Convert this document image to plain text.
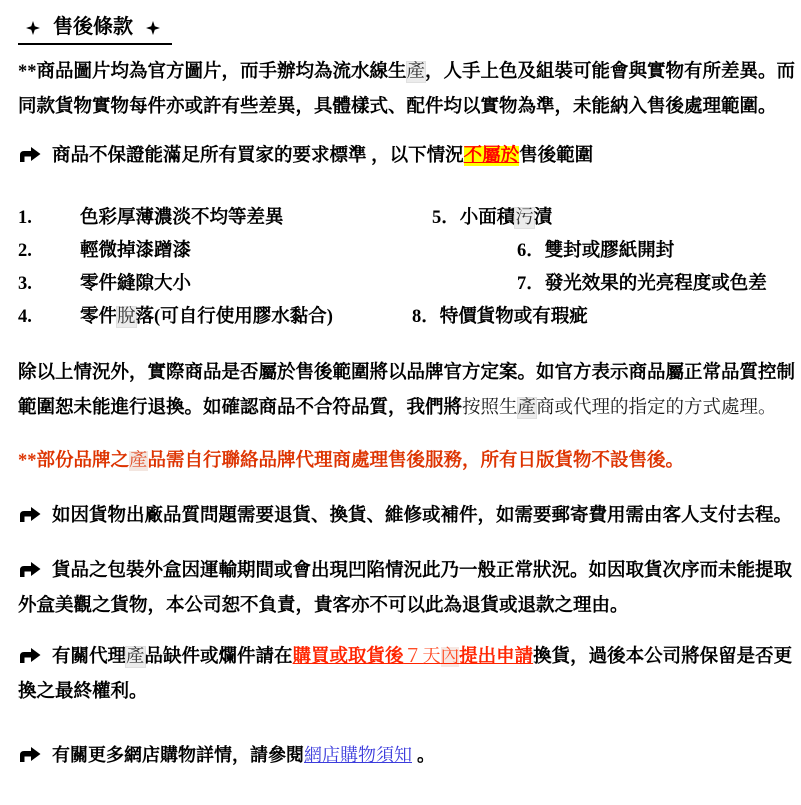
售後條款

**商品圖片均為官方圖片，而手辦均為流水線生產，人手上色及組裝可能會與實物有所差異。而同款貨物實物每件亦或許有些差異，具體樣式、配件均以實物為準，未能納入售後處理範圍。

商品不保證能滿足所有買家的要求標準 ，以下情況不屬於售後範圍

1.	色彩厚薄濃淡不均等差異	5．小面積污漬
2.	輕微掉漆蹭漆	6．雙封或膠紙開封
3.	零件縫隙大小	7．發光效果的光亮程度或色差
4.	零件脫落(可自行使用膠水黏合)	8．特價貨物或有瑕疵

除以上情況外，實際商品是否屬於售後範圍將以品牌官方定案。如官方表示商品屬正常品質控制範圍恕未能進行退換。如確認商品不合符品質，我們將按照生產商或代理的指定的方式處理。

**部份品牌之產品需自行聯絡品牌代理商處理售後服務，所有日版貨物不設售後。

如因貨物出廠品質問題需要退貨、換貨、維修或補件，如需要郵寄費用需由客人支付去程。

貨品之包裝外盒因運輸期間或會出現凹陷情況此乃一般正常狀況。如因取貨次序而未能提取外盒美觀之貨物，本公司恕不負責，貴客亦不可以此為退貨或退款之理由。

有關代理產品缺件或爛件請在購買或取貨後７天內提出申請換貨，過後本公司將保留是否更換之最終權利。

有關更多網店購物詳情，請參閱網店購物須知 。
